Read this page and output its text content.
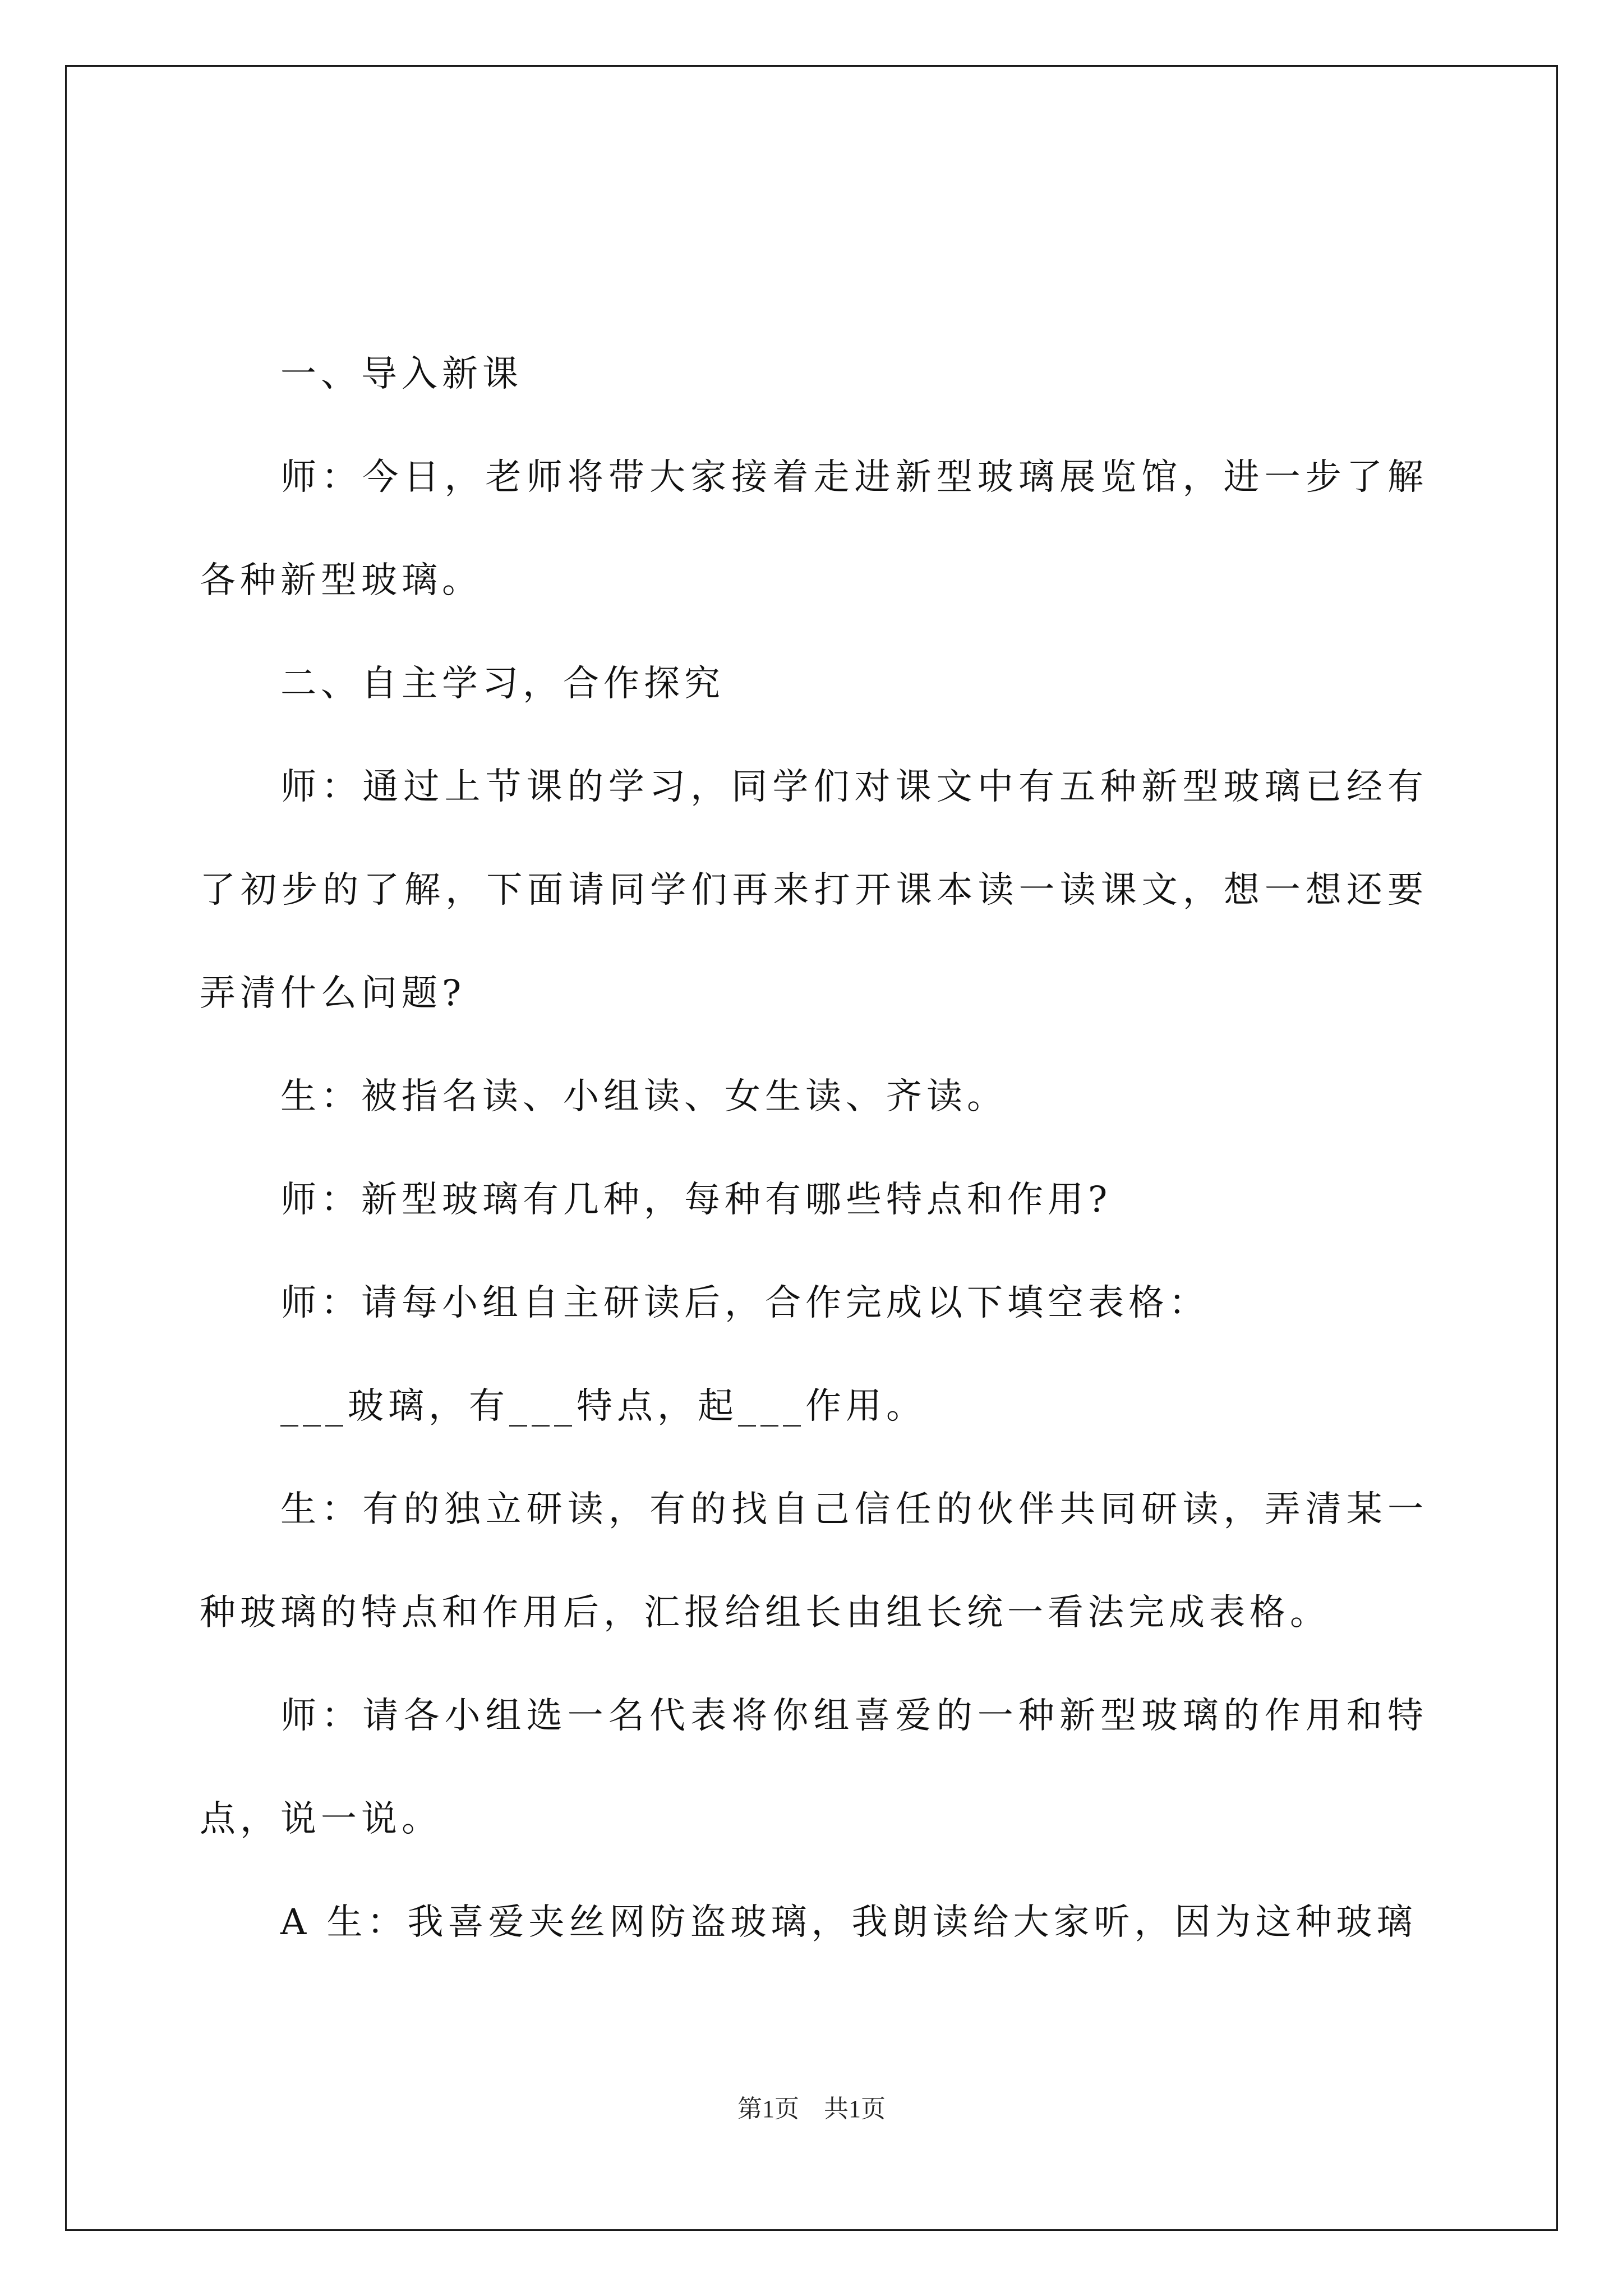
一、导入新课

师：今日，老师将带大家接着走进新型玻璃展览馆，进一步了解各种新型玻璃。

二、自主学习，合作探究

师：通过上节课的学习，同学们对课文中有五种新型玻璃已经有了初步的了解，下面请同学们再来打开课本读一读课文，想一想还要弄清什么问题?

生：被指名读、小组读、女生读、齐读。

师：新型玻璃有几种，每种有哪些特点和作用?

师：请每小组自主研读后，合作完成以下填空表格：

___玻璃，有___特点，起___作用。

生：有的独立研读，有的找自己信任的伙伴共同研读，弄清某一种玻璃的特点和作用后，汇报给组长由组长统一看法完成表格。

师：请各小组选一名代表将你组喜爱的一种新型玻璃的作用和特点，说一说。

A 生：我喜爱夹丝网防盗玻璃，我朗读给大家听，因为这种玻璃

第1页 共1页
